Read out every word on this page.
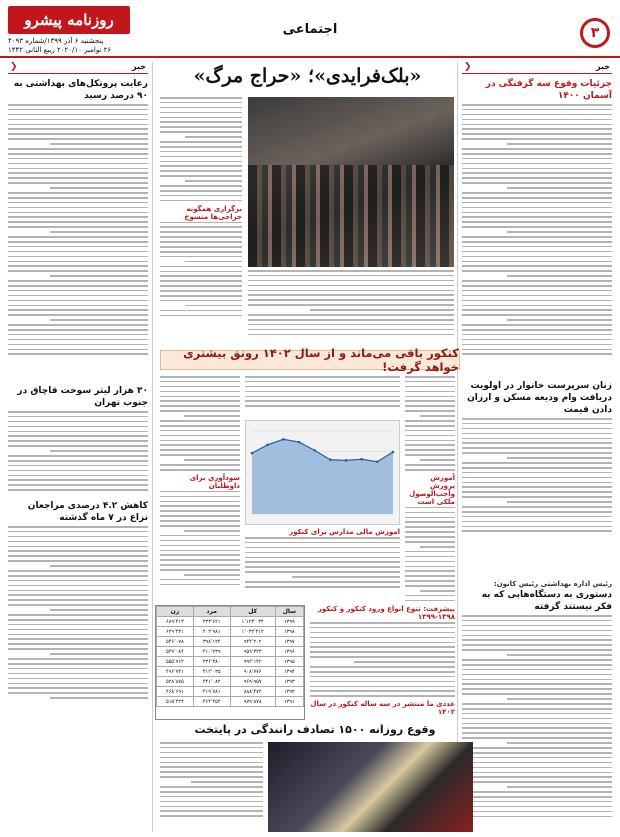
۳
اجتماعی
روزنامه پیشرو
پنجشنبه ۶ آذر ۱۳۹۹/شماره ۴۰۹۳
۲۶ نوامبر ۲۰۲۰/۱۰ ربیع الثانی ۱۴۴۲
خبر
❮
جزئیات وقوع سه گرفتگی در آسمان ۱۴۰۰
زنان سرپرست خانوار در اولویت دریافت وام ودیعه مسکن و ارزان دادن قیمت
رئیس اداره بهداشتی رئیس کانون:
دستوری به دستگاه‌هایی که به فکر نیستند گرفته
خبر
❮
رعایت پروتکل‌های بهداشتی به ۹۰ درصد رسید
۳۰ هزار لیتر سوخت قاچاق در جنوب تهران
کاهش ۴.۲ درصدی مراجعان نزاع در ۷ ماه گذشته
«بلک‌فرایدی»؛ «حراج مرگ»
برگزاری همگونه حراجی‌ها منسوخ
کنکور باقی می‌ماند و از سال ۱۴۰۲ رونق بیشتری خواهد گرفت!
آموزش پرورش واجب‌الوصول ملکی است
آموزش مالی مدارس برای کنکور
سودآوری برای داوطلبان
پیشرفت: تنوع انواع ورود کنکور و کنکور ۱۳۹۸-۱۳۹۹
عددی ما منتشر در سه ساله کنکور در سال ۱۴۰۲
سال	کل	مرد	زن
۱۳۹۹	۱٬۱۲۳٬۰۳۴	۴۳۳٬۶۲۱	۶۸۹٬۴۱۳
۱۳۹۸	۱٬۰۳۲٬۴۱۲	۴۰۲٬۹۸۱	۶۲۹٬۴۳۱
۱۳۹۷	۹۴۴٬۲۰۲	۳۹۸٬۱۲۴	۵۴۶٬۰۷۸
۱۳۹۶	۹۵۹٬۳۲۳	۴۱۰٬۲۳۹	۵۴۹٬۰۸۴
۱۳۹۵	۹۹۲٬۱۴۲	۴۳۶٬۳۸۰	۵۵۵٬۷۶۲
۱۳۹۴	۹۰۸٬۷۷۶	۴۱۲٬۰۳۵	۴۹۶٬۷۴۱
۱۳۹۳	۹۶۹٬۹۵۷	۴۴۱٬۰۸۲	۵۲۸٬۸۷۵
۱۳۹۲	۸۸۸٬۴۷۲	۴۱۹٬۷۸۱	۴۶۸٬۶۹۱
۱۳۹۱	۹۷۹٬۸۷۸	۴۶۴٬۴۵۴	۵۱۵٬۴۲۴
وقوع روزانه ۱۵۰۰ تصادف رانندگی در پایتخت
